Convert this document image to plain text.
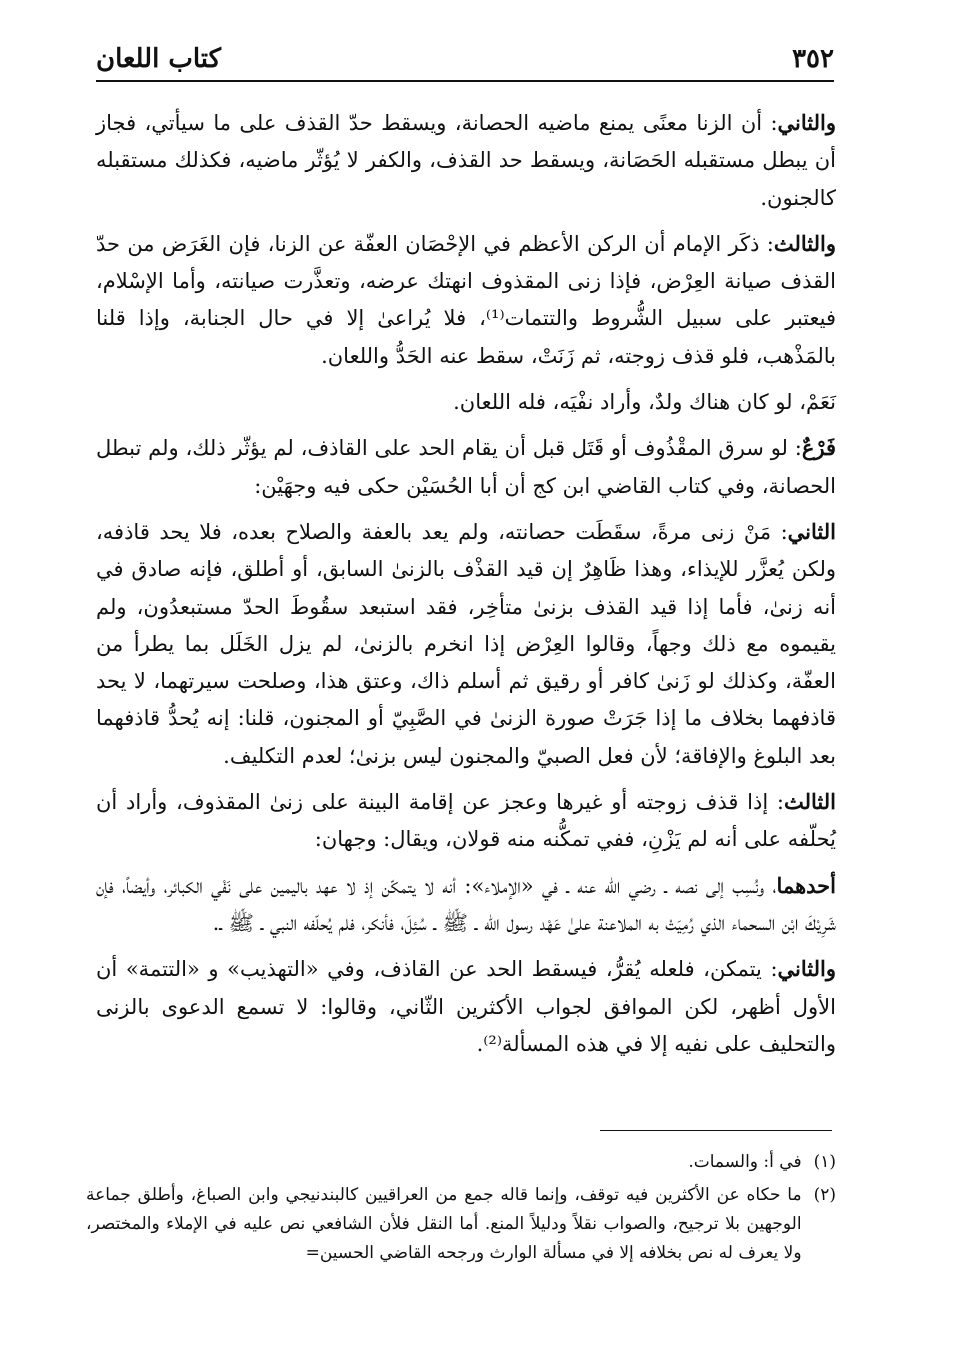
٣٥٢
كتاب اللعان

والثاني: أن الزنا معنًى يمنع ماضيه الحصانة، ويسقط حدّ القذف على ما سيأتي، فجاز أن يبطل مستقبله الحَصَانة، ويسقط حد القذف، والكفر لا يُؤثّر ماضيه، فكذلك مستقبله كالجنون.

والثالث: ذكَر الإمام أن الركن الأعظم في الإحْصَان العفّة عن الزنا، فإن الغَرَض من حدّ القذف صيانة العِرْض، فإذا زنى المقذوف انهتك عرضه، وتعذَّرت صيانته، وأما الإسْلام، فيعتبر على سبيل الشُّروط والتتمات⁽¹⁾، فلا يُراعىٰ إلا في حال الجنابة، وإذا قلنا بالمَذْهب، فلو قذف زوجته، ثم زَنَتْ، سقط عنه الحَدُّ واللعان.

نَعَمْ، لو كان هناك ولدٌ، وأراد نفْيَه، فله اللعان.

فَرْعٌ: لو سرق المقْذُوف أو قَتَل قبل أن يقام الحد على القاذف، لم يؤثّر ذلك، ولم تبطل الحصانة، وفي كتاب القاضي ابن كج أن أبا الحُسَيْن حكى فيه وجهَيْن:

الثاني: مَنْ زنى مرةً، سقَطَت حصانته، ولم يعد بالعفة والصلاح بعده، فلا يحد قاذفه، ولكن يُعزَّر للإيذاء، وهذا ظَاهِرٌ إن قيد القذْف بالزنىٰ السابق، أو أطلق، فإنه صادق في أنه زنىٰ، فأما إذا قيد القذف بزنىٰ متأخِر، فقد استبعد سقُوطَ الحدّ مستبعدُون، ولم يقيموه مع ذلك وجهاً، وقالوا العِرْض إذا انخرم بالزنىٰ، لم يزل الخَلَل بما يطرأ من العفّة، وكذلك لو زَنىٰ كافر أو رقيق ثم أسلم ذاك، وعتق هذا، وصلحت سيرتهما، لا يحد قاذفهما بخلاف ما إذا جَرَتْ صورة الزنىٰ في الصَّبِيّ أو المجنون، قلنا: إنه يُحدُّ قاذفهما بعد البلوغ والإفاقة؛ لأن فعل الصبيّ والمجنون ليس بزنىٰ؛ لعدم التكليف.

الثالث: إذا قذف زوجته أو غيرها وعجز عن إقامة البينة على زنىٰ المقذوف، وأراد أن يُحلّفه على أنه لم يَزْنِ، ففي تمكُّنه منه قولان، ويقال: وجهان:

أحدهما، ونُسِب إلى نصه ـ رضي الله عنه ـ في «الإملاء»: أنه لا يتمكّن إذ لا عهد باليمين على نَفْي الكبائر، وأيضاً، فإن شَرِيْكَ ابْن السحماء الذي رُمِيَتْ به الملاعنة علىٰ عَهْد رسول الله ـ ﷺ ـ سُئِلَ، فأنكر، فلم يُحلّفه النبي ـ ﷺ ـ.

والثاني: يتمكن، فلعله يُقرُّ، فيسقط الحد عن القاذف، وفي «التهذيب» و «التتمة» أن الأول أظهر، لكن الموافق لجواب الأكثرين الثّاني، وقالوا: لا تسمع الدعوى بالزنى والتحليف على نفيه إلا في هذه المسألة⁽²⁾.

(١)
في أ: والسمات.
(٢)
ما حكاه عن الأكثرين فيه توقف، وإنما قاله جمع من العراقيين كالبندنيجي وابن الصباغ، وأطلق جماعة الوجهين بلا ترجيح، والصواب نقلاً ودليلاً المنع. أما النقل فلأن الشافعي نص عليه في الإملاء والمختصر، ولا يعرف له نص بخلافه إلا في مسألة الوارث ورجحه القاضي الحسين=
